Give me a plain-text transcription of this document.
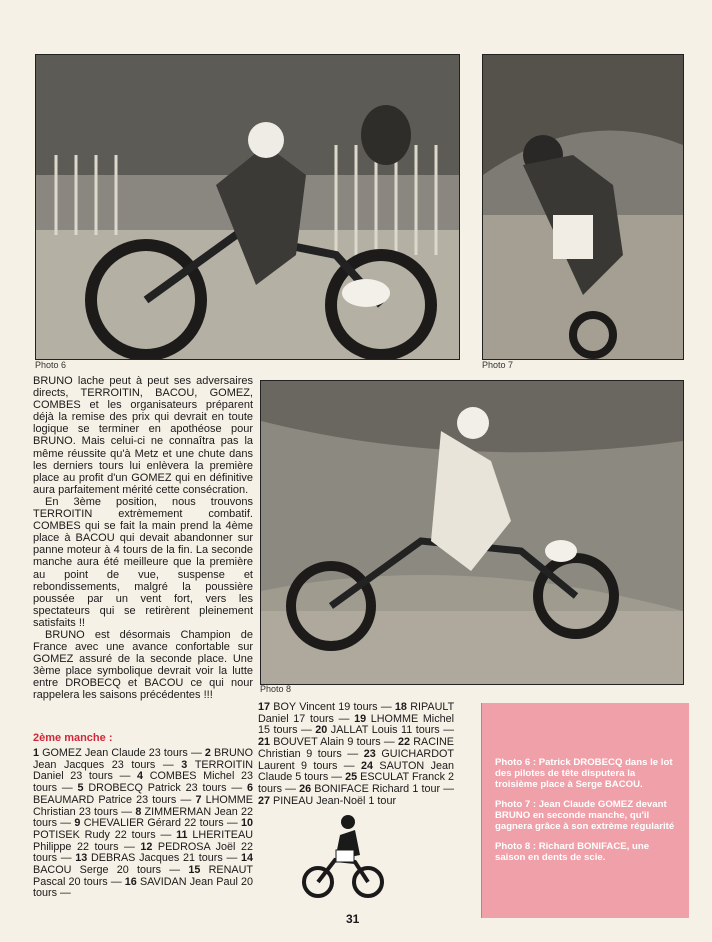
Photo 6	Photo 7
Photo 8

BRUNO lache peut à peut ses adversaires directs, TERROITIN, BACOU, GOMEZ, COMBES et les organisateurs préparent déjà la remise des prix qui devrait en toute logique se terminer en apothéose pour BRUNO. Mais celui-ci ne connaîtra pas la même réussite qu'à Metz et une chute dans les derniers tours lui enlèvera la première place au profit d'un GOMEZ qui en définitive aura parfaitement mérité cette consécration.

En 3ème position, nous trouvons TERROITIN extrèmement combatif. COMBES qui se fait la main prend la 4ème place à BACOU qui devait abandonner sur panne moteur à 4 tours de la fin. La seconde manche aura été meilleure que la première au point de vue, suspense et rebondissements, malgré la poussière poussée par un vent fort, vers les spectateurs qui se retirèrent pleinement satisfaits !!

BRUNO est désormais Champion de France avec une avance confortable sur GOMEZ assuré de la seconde place. Une 3ème place symbolique devrait voir la lutte entre DROBECQ et BACOU ce qui nour rappelera les saisons précédentes !!!

2ème manche :
1 GOMEZ Jean Claude 23 tours — 2 BRUNO Jean Jacques 23 tours — 3 TERROITIN Daniel 23 tours — 4 COMBES Michel 23 tours — 5 DROBECQ Patrick 23 tours — 6 BEAUMARD Patrice 23 tours — 7 LHOMME Christian 23 tours — 8 ZIMMERMAN Jean 22 tours — 9 CHEVALIER Gérard 22 tours — 10 POTISEK Rudy 22 tours — 11 LHERITEAU Philippe 22 tours — 12 PEDROSA Joël 22 tours — 13 DEBRAS Jacques 21 tours — 14 BACOU Serge 20 tours — 15 RENAUT Pascal 20 tours — 16 SAVIDAN Jean Paul 20 tours —
17 BOY Vincent 19 tours — 18 RIPAULT Daniel 17 tours — 19 LHOMME Michel 15 tours — 20 JALLAT Louis 11 tours — 21 BOUVET Alain 9 tours — 22 RACINE Christian 9 tours — 23 GUICHARDOT Laurent 9 tours — 24 SAUTON Jean Claude 5 tours — 25 ESCULAT Franck 2 tours — 26 BONIFACE Richard 1 tour — 27 PINEAU Jean-Noël 1 tour

Photo 6 : Patrick DROBECQ dans le lot des pilotes de tête disputera la troisième place à Serge BACOU.

Photo 7 : Jean Claude GOMEZ devant BRUNO en seconde manche, qu'il gagnera grâce à son extrème régularité

Photo 8 : Richard BONIFACE, une saison en dents de scie.

31
